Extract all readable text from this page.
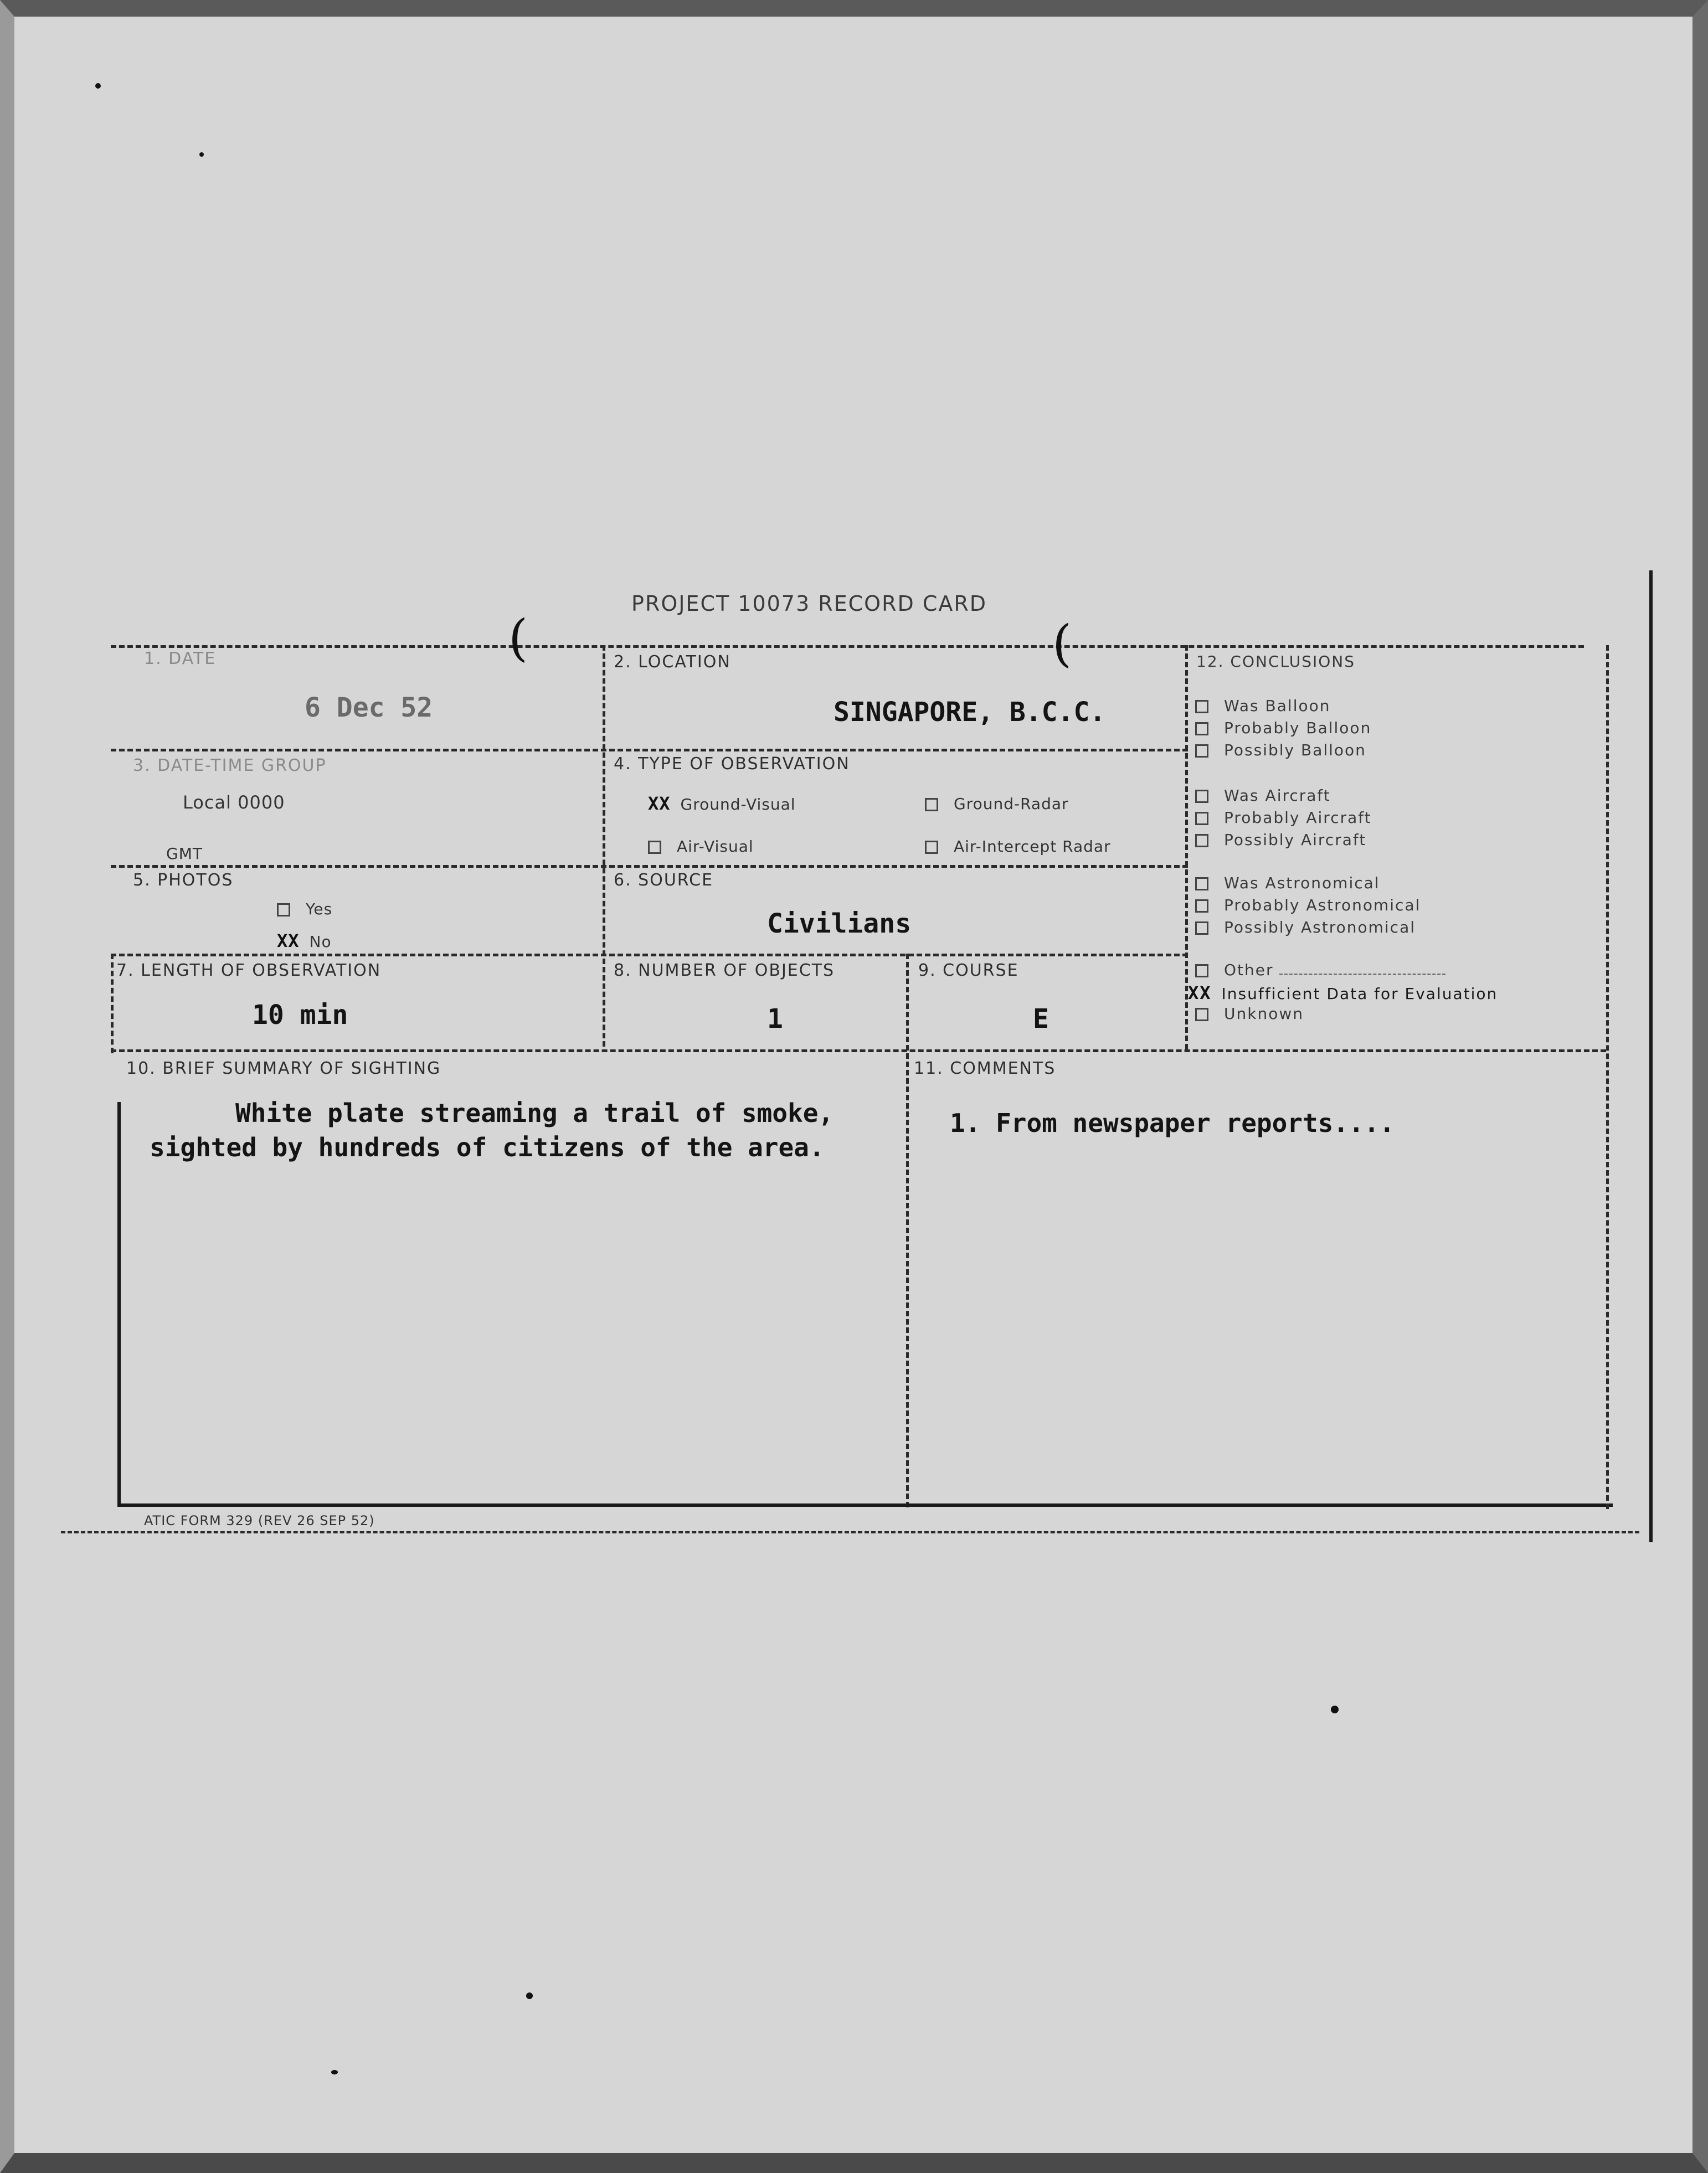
PROJECT 10073 RECORD CARD
(	(
1. DATE
6 Dec 52
2. LOCATION
SINGAPORE, B.C.C.
3. DATE-TIME GROUP
Local 0000
GMT
4. TYPE OF OBSERVATION
XX Ground-Visual	Ground-Radar
Air-Visual	Air-Intercept Radar
5. PHOTOS
Yes
XX No
6. SOURCE
Civilians
7. LENGTH OF OBSERVATION
10 min
8. NUMBER OF OBJECTS
1
9. COURSE
E
10. BRIEF SUMMARY OF SIGHTING
White plate streaming a trail of smoke,
sighted by hundreds of citizens of the area.
11. COMMENTS
1. From newspaper reports....
12. CONCLUSIONS
Was Balloon
Probably Balloon
Possibly Balloon
Was Aircraft
Probably Aircraft
Possibly Aircraft
Was Astronomical
Probably Astronomical
Possibly Astronomical
Other
XX Insufficient Data for Evaluation
Unknown
ATIC FORM 329 (REV 26 SEP 52)
